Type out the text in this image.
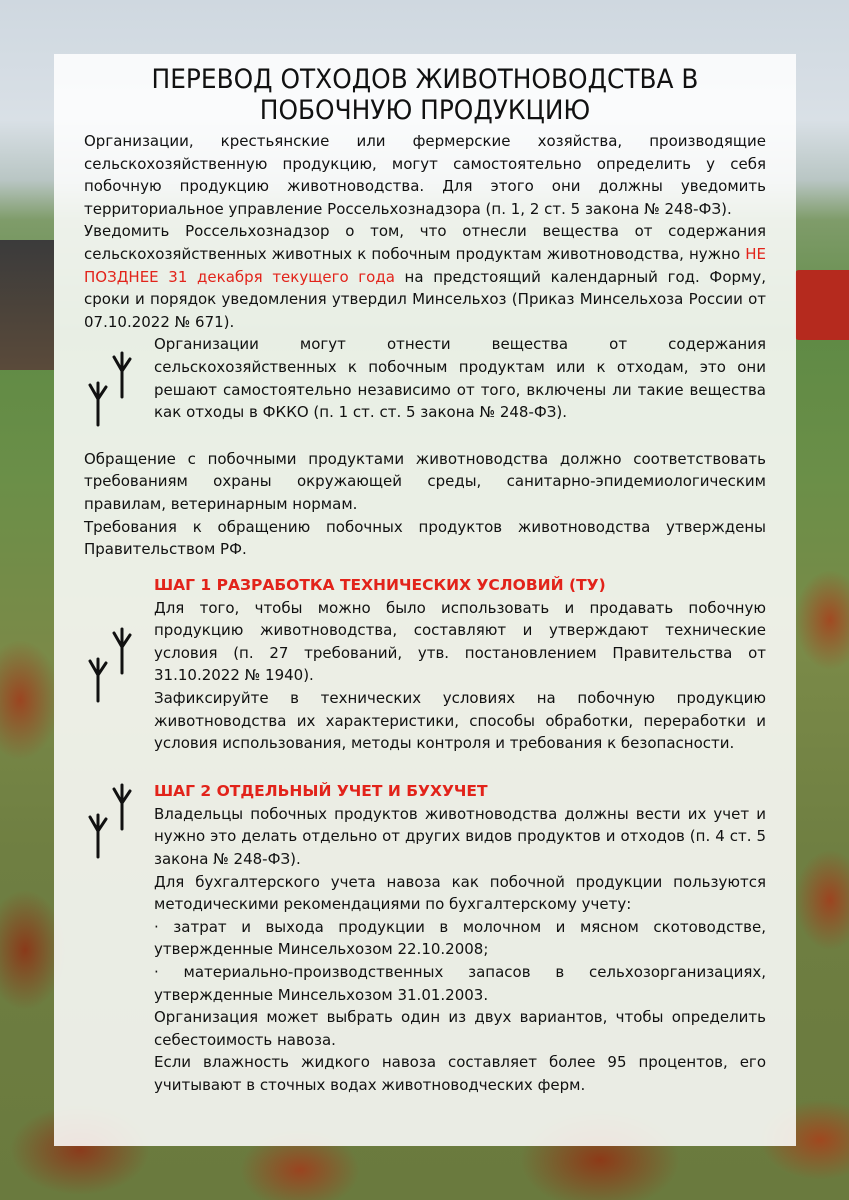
ПЕРЕВОД ОТХОДОВ ЖИВОТНОВОДСТВА В
ПОБОЧНУЮ ПРОДУКЦИЮ

Организации, крестьянские или фермерские хозяйства, производящие сельскохозяйственную продукцию, могут самостоятельно определить у себя побочную продукцию животноводства. Для этого они должны уведомить территориальное управление Россельхознадзора (п. 1, 2 ст. 5 закона № 248-ФЗ).

Уведомить Россельхознадзор о том, что отнесли вещества от содержания сельскохозяйственных животных к побочным продуктам животноводства, нужно НЕ ПОЗДНЕЕ 31 декабря текущего года на предстоящий календарный год. Форму, сроки и порядок уведомления утвердил Минсельхоз (Приказ Минсельхоза России от 07.10.2022 № 671).

Организации могут отнести вещества от содержания сельскохозяйственных к побочным продуктам или к отходам, это они решают самостоятельно независимо от того, включены ли такие вещества как отходы в ФККО (п. 1 ст. ст. 5 закона № 248-ФЗ).

Обращение с побочными продуктами животноводства должно соответствовать требованиям охраны окружающей среды, санитарно-эпидемиологическим правилам, ветеринарным нормам.

Требования к обращению побочных продуктов животноводства утверждены Правительством РФ.

ШАГ 1 РАЗРАБОТКА ТЕХНИЧЕСКИХ УСЛОВИЙ (ТУ)

Для того, чтобы можно было использовать и продавать побочную продукцию животноводства, составляют и утверждают технические условия (п. 27 требований, утв. постановлением Правительства от 31.10.2022 № 1940).

Зафиксируйте в технических условиях на побочную продукцию животноводства их характеристики, способы обработки, переработки и условия использования, методы контроля и требования к безопасности.

ШАГ 2 ОТДЕЛЬНЫЙ УЧЕТ И БУХУЧЕТ

Владельцы побочных продуктов животноводства должны вести их учет и нужно это делать отдельно от других видов продуктов и отходов (п. 4 ст. 5 закона № 248-ФЗ).

Для бухгалтерского учета навоза как побочной продукции пользуются методическими рекомендациями по бухгалтерскому учету:

· затрат и выхода продукции в молочном и мясном скотоводстве, утвержденные Минсельхозом 22.10.2008;

· материально-производственных запасов в сельхозорганизациях, утвержденные Минсельхозом 31.01.2003.

Организация может выбрать один из двух вариантов, чтобы определить себестоимость навоза.

Если влажность жидкого навоза составляет более 95 процентов, его учитывают в сточных водах животноводческих ферм.
